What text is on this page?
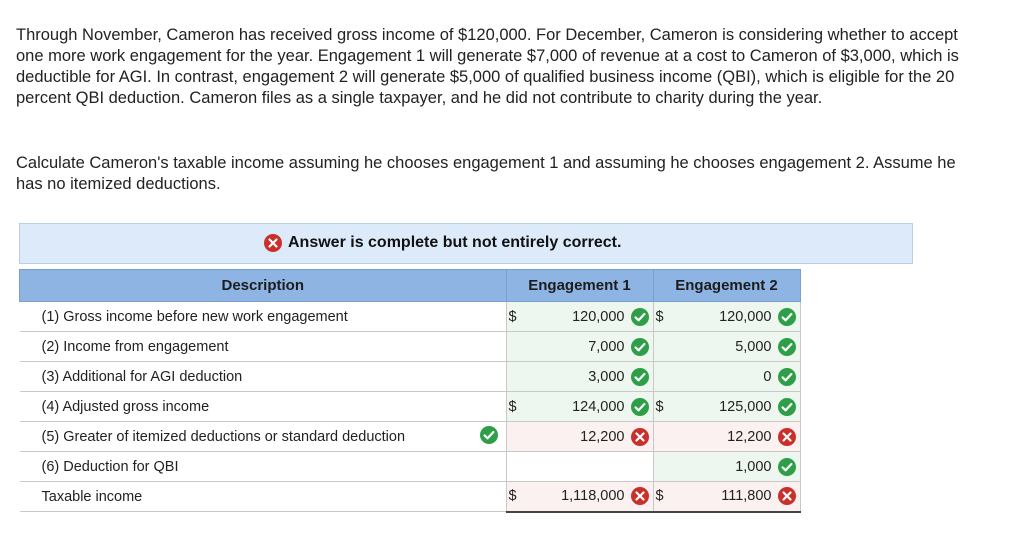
Through November, Cameron has received gross income of $120,000. For December, Cameron is considering whether to accept one more work engagement for the year. Engagement 1 will generate $7,000 of revenue at a cost to Cameron of $3,000, which is deductible for AGI. In contrast, engagement 2 will generate $5,000 of qualified business income (QBI), which is eligible for the 20 percent QBI deduction. Cameron files as a single taxpayer, and he did not contribute to charity during the year.

Calculate Cameron's taxable income assuming he chooses engagement 1 and assuming he chooses engagement 2. Assume he has no itemized deductions.

Answer is complete but not entirely correct.
Description		Engagement 1		Engagement 2	
(1) Gross income before new work engagement		$	120,000	$	120,000

(2) Income from engagement			7,000		5,000

(3) Additional for AGI deduction			3,000		0

(4) Adjusted gross income		$	124,000	$	125,000

(5) Greater of itemized deductions or standard deduction			12,200		12,200

(6) Deduction for QBI					1,000

Taxable income		$	1,118,000	$	111,800
